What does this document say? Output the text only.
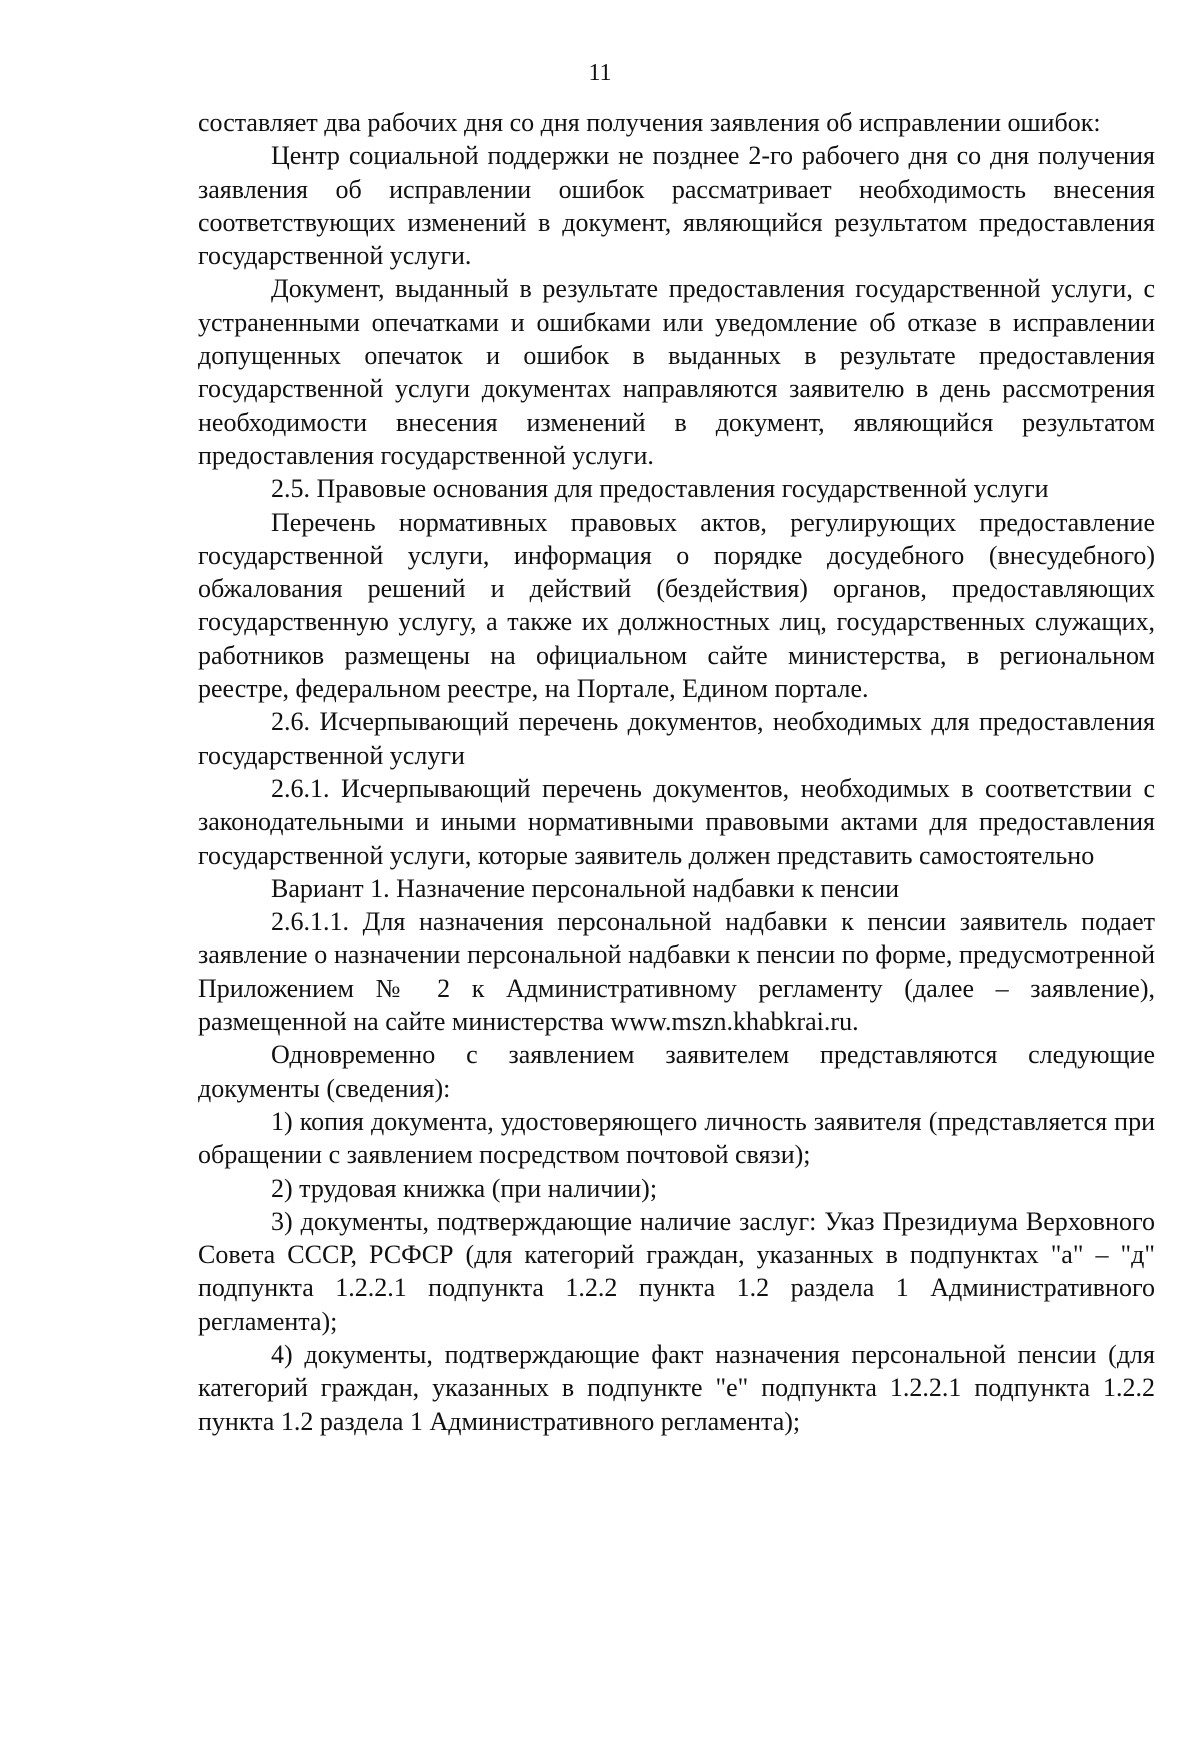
11

составляет два рабочих дня со дня получения заявления об исправлении ошибок:

Центр социальной поддержки не позднее 2-го рабочего дня со дня получения заявления об исправлении ошибок рассматривает необходимость внесения соответствующих изменений в документ, являющийся результатом предоставления государственной услуги.

Документ, выданный в результате предоставления государственной услуги, с устраненными опечатками и ошибками или уведомление об отказе в исправлении допущенных опечаток и ошибок в выданных в результате предоставления государственной услуги документах направляются заявителю в день рассмотрения необходимости внесения изменений в документ, являющийся результатом предоставления государственной услуги.

2.5. Правовые основания для предоставления государственной услуги

Перечень нормативных правовых актов, регулирующих предоставление государственной услуги, информация о порядке досудебного (внесудебного) обжалования решений и действий (бездействия) органов, предоставляющих государственную услугу, а также их должностных лиц, государственных служащих, работников размещены на официальном сайте министерства, в региональном реестре, федеральном реестре, на Портале, Едином портале.

2.6. Исчерпывающий перечень документов, необходимых для предоставления государственной услуги

2.6.1. Исчерпывающий перечень документов, необходимых в соответствии с законодательными и иными нормативными правовыми актами для предоставления государственной услуги, которые заявитель должен представить самостоятельно

Вариант 1. Назначение персональной надбавки к пенсии

2.6.1.1. Для назначения персональной надбавки к пенсии заявитель подает заявление о назначении персональной надбавки к пенсии по форме, предусмотренной Приложением № 2 к Административному регламенту (далее – заявление), размещенной на сайте министерства www.mszn.khabkrai.ru.

Одновременно с заявлением заявителем представляются следующие документы (сведения):

1) копия документа, удостоверяющего личность заявителя (представляется при обращении с заявлением посредством почтовой связи);

2) трудовая книжка (при наличии);

3) документы, подтверждающие наличие заслуг: Указ Президиума Верховного Совета СССР, РСФСР (для категорий граждан, указанных в подпунктах "а" – "д" подпункта 1.2.2.1 подпункта 1.2.2 пункта 1.2 раздела 1 Административного регламента);

4) документы, подтверждающие факт назначения персональной пенсии (для категорий граждан, указанных в подпункте "е" подпункта 1.2.2.1 подпункта 1.2.2 пункта 1.2 раздела 1 Административного регламента);
